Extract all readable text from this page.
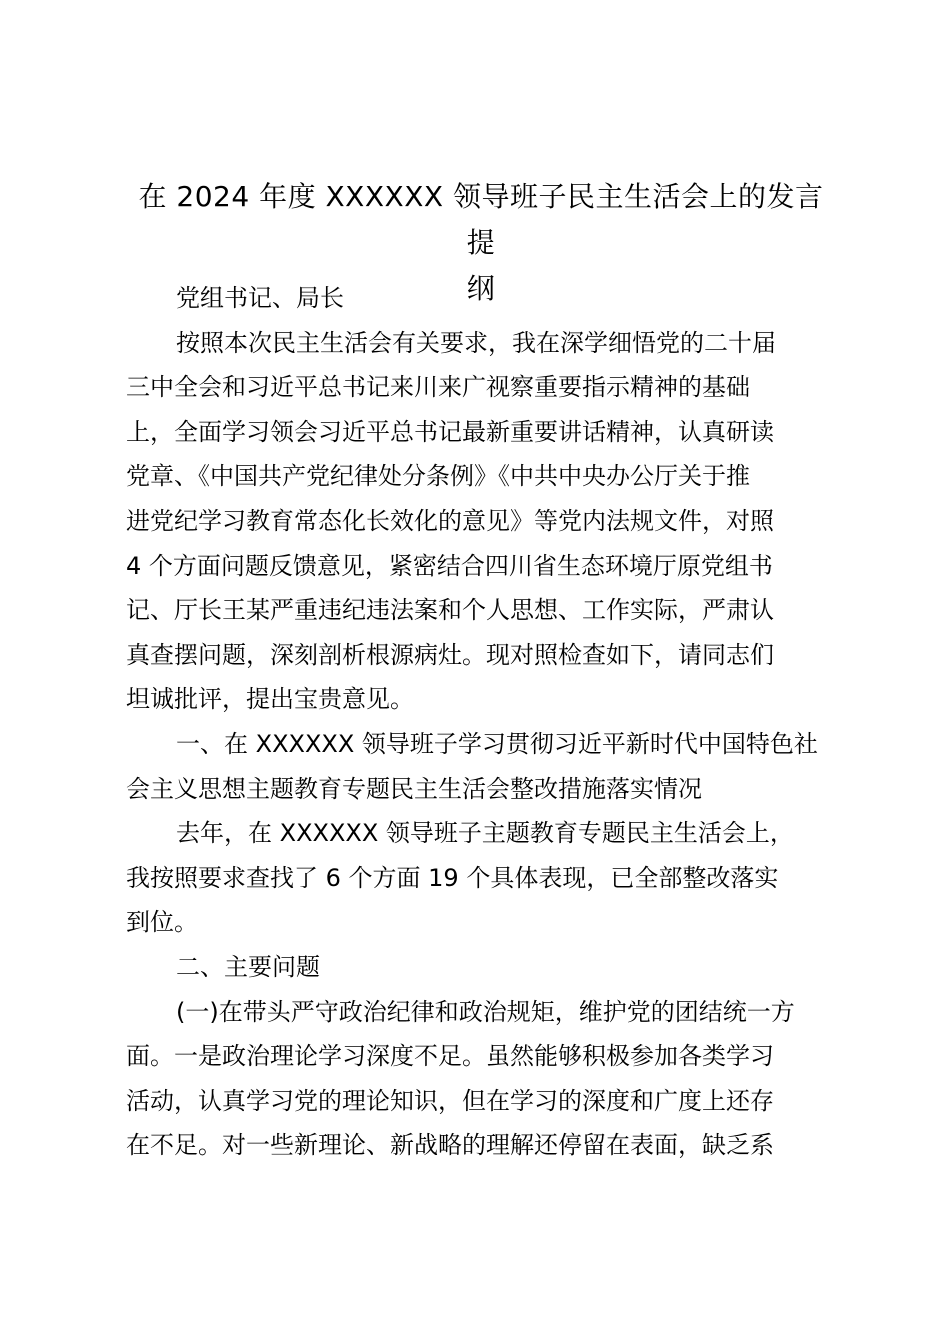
在 2024 年度 XXXXXX 领导班子民主生活会上的发言提
纲
党组书记、局长
按照本次民主生活会有关要求，我在深学细悟党的二十届
三中全会和习近平总书记来川来广视察重要指示精神的基础
上，全面学习领会习近平总书记最新重要讲话精神，认真研读
党章、《中国共产党纪律处分条例》《中共中央办公厅关于推
进党纪学习教育常态化长效化的意见》等党内法规文件，对照
4 个方面问题反馈意见，紧密结合四川省生态环境厅原党组书
记、厅长王某严重违纪违法案和个人思想、工作实际，严肃认
真查摆问题，深刻剖析根源病灶。现对照检查如下，请同志们
坦诚批评，提出宝贵意见。
一、在 XXXXXX 领导班子学习贯彻习近平新时代中国特色社
会主义思想主题教育专题民主生活会整改措施落实情况
去年，在 XXXXXX 领导班子主题教育专题民主生活会上，
我按照要求查找了 6 个方面 19 个具体表现，已全部整改落实
到位。
二、主要问题
(一)在带头严守政治纪律和政治规矩，维护党的团结统一方
面。一是政治理论学习深度不足。虽然能够积极参加各类学习
活动，认真学习党的理论知识，但在学习的深度和广度上还存
在不足。对一些新理论、新战略的理解还停留在表面，缺乏系
